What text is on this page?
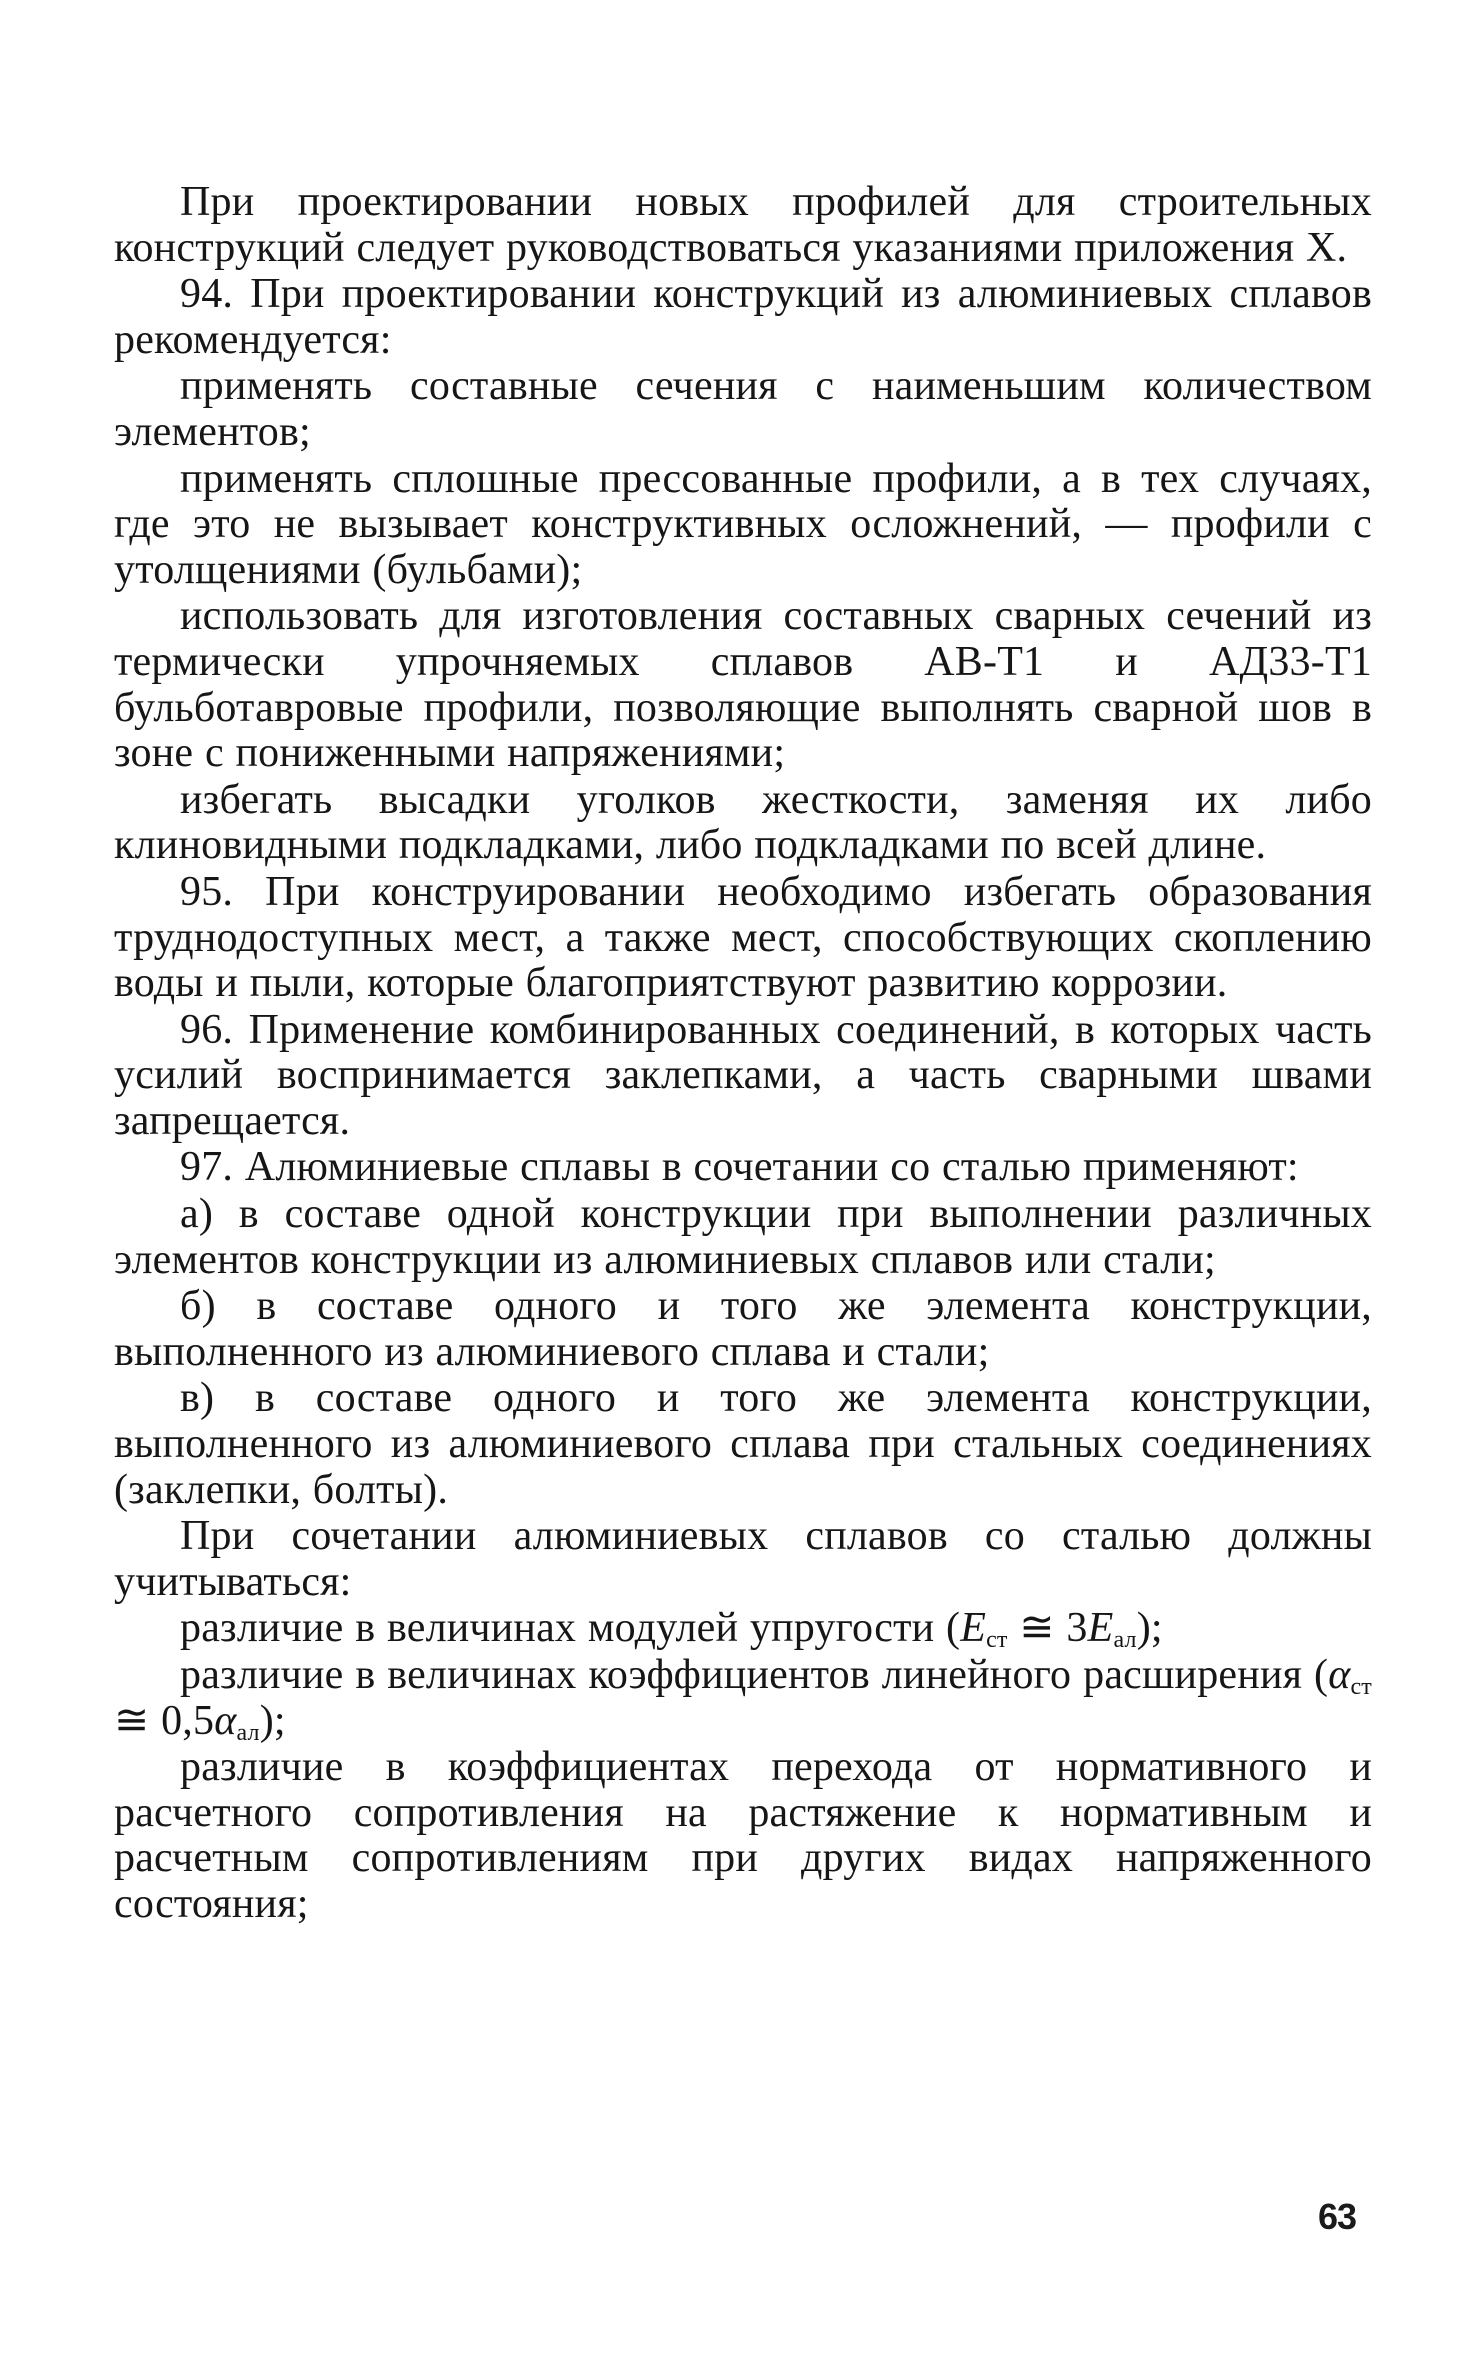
При проектировании новых профилей для строительных конструкций следует руководствоваться указаниями приложения X.

94. При проектировании конструкций из алюминиевых сплавов рекомендуется:

применять составные сечения с наименьшим количеством элементов;

применять сплошные прессованные профили, а в тех случаях, где это не вызывает конструктивных осложнений, — профили с утолщениями (бульбами);

использовать для изготовления составных сварных сечений из термически упрочняемых сплавов АВ-Т1 и АД33-Т1 бульботавровые профили, позволяющие выполнять сварной шов в зоне с пониженными напряжениями;

избегать высадки уголков жесткости, заменяя их либо клиновидными подкладками, либо подкладками по всей длине.

95. При конструировании необходимо избегать образования труднодоступных мест, а также мест, способствующих скоплению воды и пыли, которые благоприятствуют развитию коррозии.

96. Применение комбинированных соединений, в которых часть усилий воспринимается заклепками, а часть сварными швами запрещается.

97. Алюминиевые сплавы в сочетании со сталью применяют:

а) в составе одной конструкции при выполнении различных элементов конструкции из алюминиевых сплавов или стали;

б) в составе одного и того же элемента конструкции, выполненного из алюминиевого сплава и стали;

в) в составе одного и того же элемента конструкции, выполненного из алюминиевого сплава при стальных соединениях (заклепки, болты).

При сочетании алюминиевых сплавов со сталью должны учитываться:

различие в величинах модулей упругости ($E_{ст}$ ≅ $3E_{ал}$);

различие в величинах коэффициентов линейного расширения ($\alpha_{ст}$ ≅ $0,5\alpha_{ал}$);

различие в коэффициентах перехода от нормативного и расчетного сопротивления на растяжение к нормативным и расчетным сопротивлениям при других видах напряженного состояния;

63
